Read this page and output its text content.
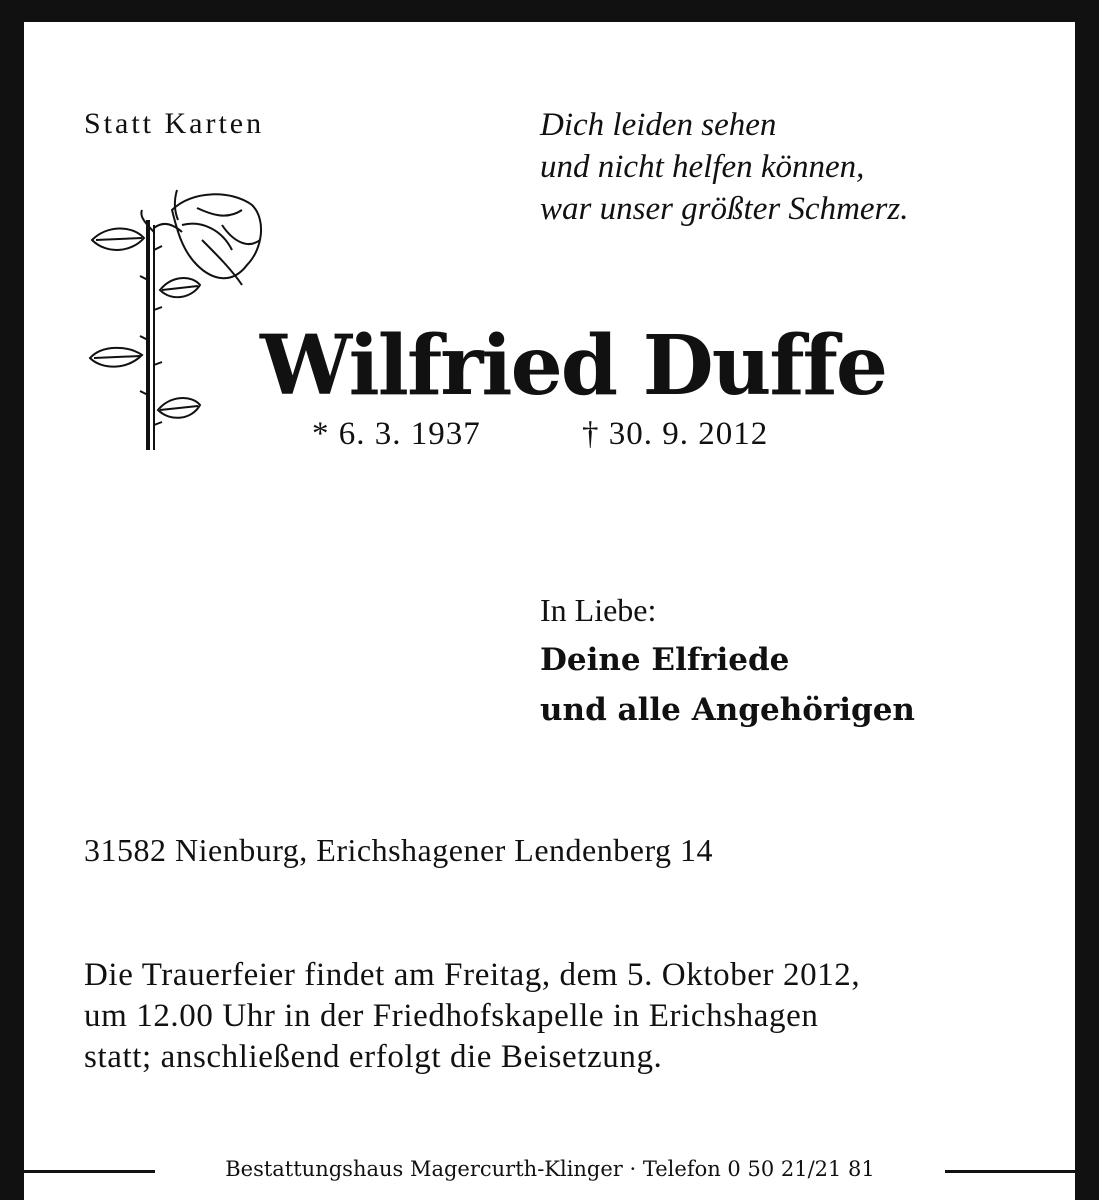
Statt Karten	Dich leiden sehen
und nicht helfen können,
war unser größter Schmerz.
Wilfried Duffe
* 6. 3. 1937	† 30. 9. 2012
In Liebe:
Deine Elfriede
und alle Angehörigen
31582 Nienburg, Erichshagener Lendenberg 14
Die Trauerfeier findet am Freitag, dem 5. Oktober 2012,
um 12.00 Uhr in der Friedhofskapelle in Erichshagen
statt; anschließend erfolgt die Beisetzung.
Bestattungshaus Magercurth-Klinger · Telefon 0 50 21/21 81
